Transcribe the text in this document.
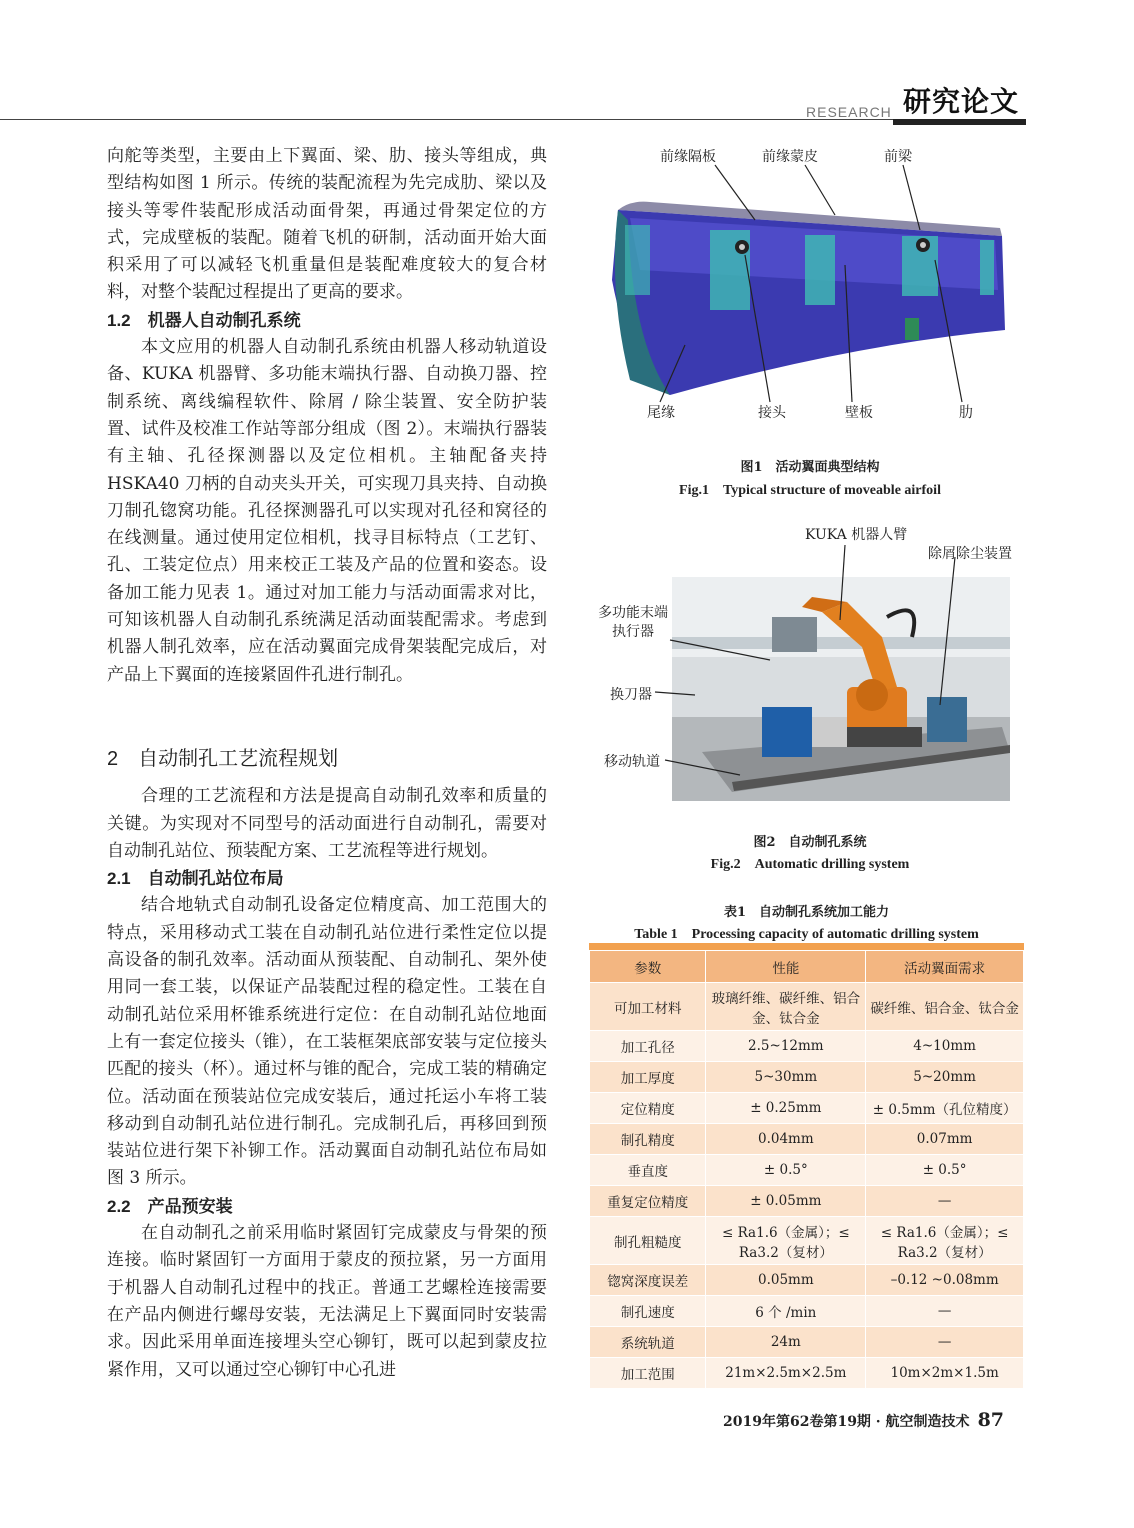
RESEARCH 研究论文

向舵等类型，主要由上下翼面、梁、肋、接头等组成，典型结构如图 1 所示。传统的装配流程为先完成肋、梁以及接头等零件装配形成活动面骨架，再通过骨架定位的方式，完成壁板的装配。随着飞机的研制，活动面开始大面积采用了可以减轻飞机重量但是装配难度较大的复合材料，对整个装配过程提出了更高的要求。

1.2　机器人自动制孔系统

本文应用的机器人自动制孔系统由机器人移动轨道设备、KUKA 机器臂、多功能末端执行器、自动换刀器、控制系统、离线编程软件、除屑 / 除尘装置、安全防护装置、试件及校准工作站等部分组成（图 2）。末端执行器装有主轴、孔径探测器以及定位相机。主轴配备夹持 HSKA40 刀柄的自动夹头开关，可实现刀具夹持、自动换刀制孔锪窝功能。孔径探测器孔可以实现对孔径和窝径的在线测量。通过使用定位相机，找寻目标特点（工艺钉、孔、工装定位点）用来校正工装及产品的位置和姿态。设备加工能力见表 1。通过对加工能力与活动面需求对比，可知该机器人自动制孔系统满足活动面装配需求。考虑到机器人制孔效率，应在活动翼面完成骨架装配完成后，对产品上下翼面的连接紧固件孔进行制孔。

2　自动制孔工艺流程规划

合理的工艺流程和方法是提高自动制孔效率和质量的关键。为实现对不同型号的活动面进行自动制孔，需要对自动制孔站位、预装配方案、工艺流程等进行规划。

2.1　自动制孔站位布局

结合地轨式自动制孔设备定位精度高、加工范围大的特点，采用移动式工装在自动制孔站位进行柔性定位以提高设备的制孔效率。活动面从预装配、自动制孔、架外使用同一套工装，以保证产品装配过程的稳定性。工装在自动制孔站位采用杯锥系统进行定位：在自动制孔站位地面上有一套定位接头（锥），在工装框架底部安装与定位接头匹配的接头（杯）。通过杯与锥的配合，完成工装的精确定位。活动面在预装站位完成安装后，通过托运小车将工装移动到自动制孔站位进行制孔。完成制孔后，再移回到预装站位进行架下补铆工作。活动翼面自动制孔站位布局如图 3 所示。

2.2　产品预安装

在自动制孔之前采用临时紧固钉完成蒙皮与骨架的预连接。临时紧固钉一方面用于蒙皮的预拉紧，另一方面用于机器人自动制孔过程中的找正。普通工艺螺栓连接需要在产品内侧进行螺母安装，无法满足上下翼面同时安装需求。因此采用单面连接埋头空心铆钉，既可以起到蒙皮拉紧作用，又可以通过空心铆钉中心孔进

前缘隔板	前缘蒙皮	前梁
尾缘	接头	壁板	肋
图1　活动翼面典型结构
Fig.1　Typical structure of moveable airfoil
KUKA 机器人臂
除屑除尘装置
多功能末端
执行器
换刀器
移动轨道
图2　自动制孔系统
Fig.2　Automatic drilling system
表1　自动制孔系统加工能力
Table 1　Processing capacity of automatic drilling system
参数	性能	活动翼面需求
可加工材料	玻璃纤维、碳纤维、铝合金、钛合金	碳纤维、铝合金、钛合金
加工孔径	2.5~12mm	4~10mm
加工厚度	5~30mm	5~20mm
定位精度	± 0.25mm	± 0.5mm（孔位精度）
制孔精度	0.04mm	0.07mm
垂直度	± 0.5°	± 0.5°
重复定位精度	± 0.05mm	—
制孔粗糙度	≤ Ra1.6（金属）；≤ Ra3.2（复材）	≤ Ra1.6（金属）；≤ Ra3.2（复材）
锪窝深度误差	0.05mm	–0.12 ~0.08mm
制孔速度	6 个 /min	—
系统轨道	24m	—
加工范围	21m×2.5m×2.5m	10m×2m×1.5m
2019年第62卷第19期 · 航空制造技术 87
